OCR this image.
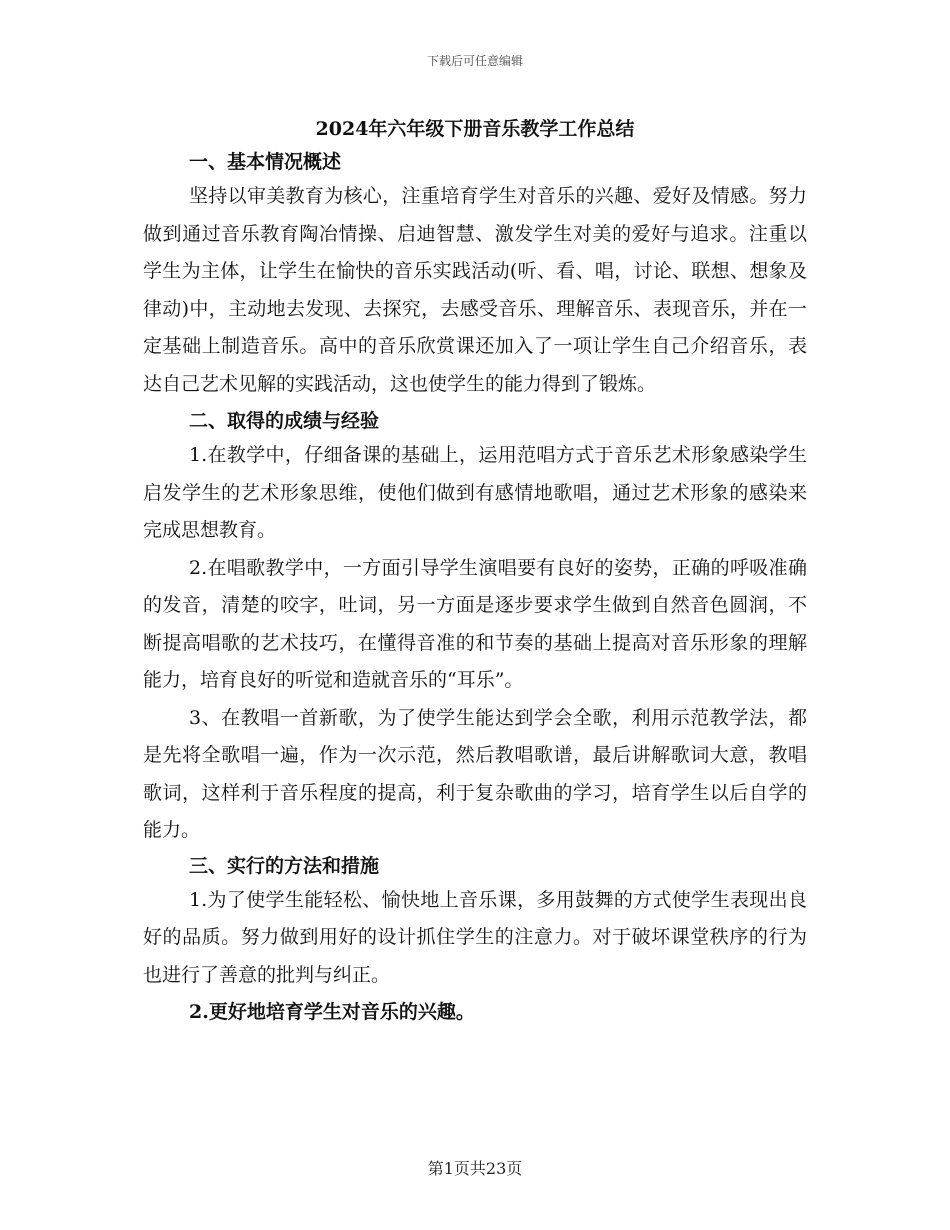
下载后可任意编辑
2024年六年级下册音乐教学工作总结
一、基本情况概述

坚持以审美教育为核心，注重培育学生对音乐的兴趣、爱好及情感。努力做到通过音乐教育陶冶情操、启迪智慧、激发学生对美的爱好与追求。注重以学生为主体，让学生在愉快的音乐实践活动(听、看、唱，讨论、联想、想象及律动)中，主动地去发现、去探究，去感受音乐、理解音乐、表现音乐，并在一定基础上制造音乐。高中的音乐欣赏课还加入了一项让学生自己介绍音乐，表达自己艺术见解的实践活动，这也使学生的能力得到了锻炼。

二、取得的成绩与经验

1.在教学中，仔细备课的基础上，运用范唱方式于音乐艺术形象感染学生启发学生的艺术形象思维，使他们做到有感情地歌唱，通过艺术形象的感染来完成思想教育。

2.在唱歌教学中，一方面引导学生演唱要有良好的姿势，正确的呼吸准确的发音，清楚的咬字，吐词，另一方面是逐步要求学生做到自然音色圆润，不断提高唱歌的艺术技巧，在懂得音准的和节奏的基础上提高对音乐形象的理解能力，培育良好的听觉和造就音乐的“耳乐”。

3、在教唱一首新歌，为了使学生能达到学会全歌，利用示范教学法，都是先将全歌唱一遍，作为一次示范，然后教唱歌谱，最后讲解歌词大意，教唱歌词，这样利于音乐程度的提高，利于复杂歌曲的学习，培育学生以后自学的能力。

三、实行的方法和措施

1.为了使学生能轻松、愉快地上音乐课，多用鼓舞的方式使学生表现出良好的品质。努力做到用好的设计抓住学生的注意力。对于破坏课堂秩序的行为也进行了善意的批判与纠正。

2.更好地培育学生对音乐的兴趣。

第1页共23页
